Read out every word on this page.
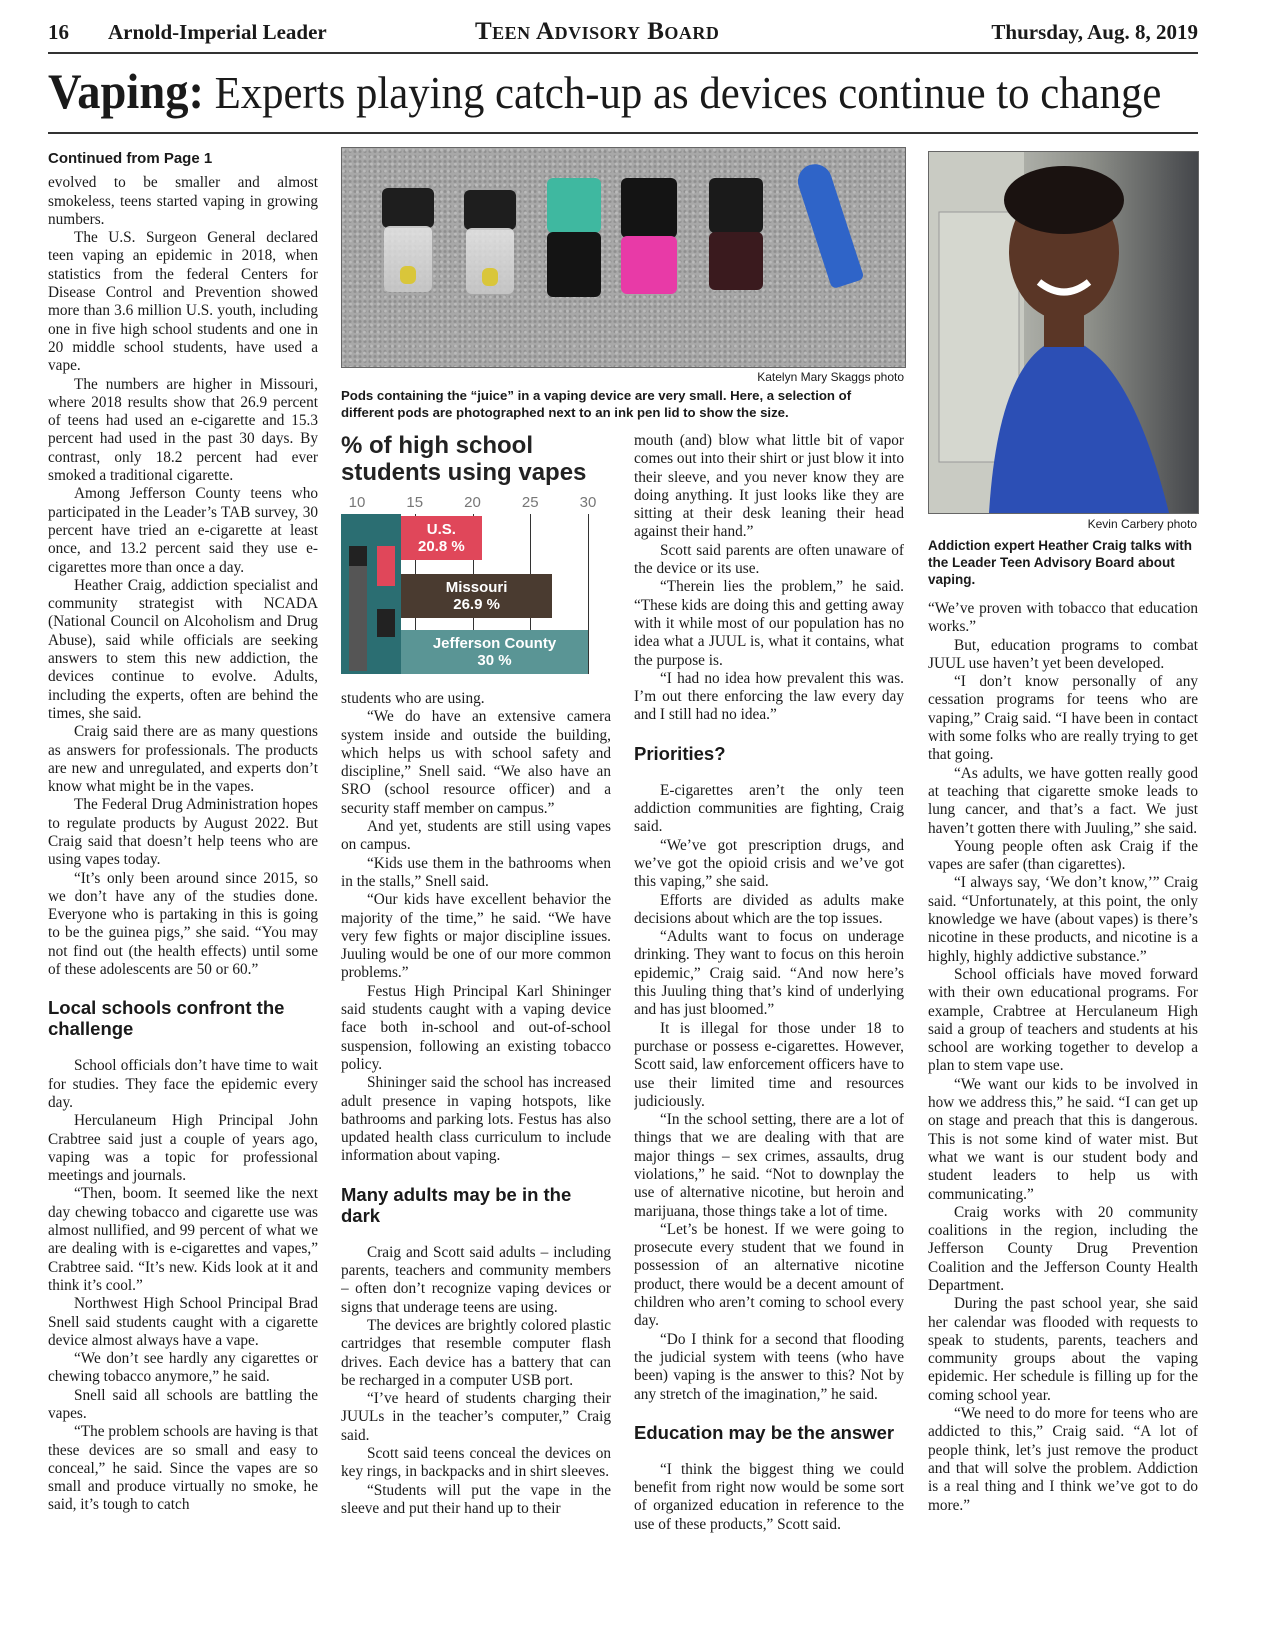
16 Arnold-Imperial Leader	Teen Advisory Board	Thursday, Aug. 8, 2019
Vaping: Experts playing catch-up as devices continue to change
Continued from Page 1

evolved to be smaller and almost smokeless, teens started vaping in growing numbers.

The U.S. Surgeon General declared teen vaping an epidemic in 2018, when statistics from the federal Centers for Disease Control and Prevention showed more than 3.6 million U.S. youth, including one in five high school students and one in 20 middle school students, have used a vape.

The numbers are higher in Missouri, where 2018 results show that 26.9 percent of teens had used an e-cigarette and 15.3 percent had used in the past 30 days. By contrast, only 18.2 percent had ever smoked a traditional cigarette.

Among Jefferson County teens who participated in the Leader’s TAB survey, 30 percent have tried an e-cigarette at least once, and 13.2 percent said they use e-cigarettes more than once a day.

Heather Craig, addiction specialist and community strategist with NCADA (National Council on Alcoholism and Drug Abuse), said while officials are seeking answers to stem this new addiction, the devices continue to evolve. Adults, including the experts, often are behind the times, she said.

Craig said there are as many questions as answers for professionals. The products are new and unregulated, and experts don’t know what might be in the vapes.

The Federal Drug Administration hopes to regulate products by August 2022. But Craig said that doesn’t help teens who are using vapes today.

“It’s only been around since 2015, so we don’t have any of the studies done. Everyone who is partaking in this is going to be the guinea pigs,” she said. “You may not find out (the health effects) until some of these adolescents are 50 or 60.”

Local schools confront the challenge

School officials don’t have time to wait for studies. They face the epidemic every day.

Herculaneum High Principal John Crabtree said just a couple of years ago, vaping was a topic for professional meetings and journals.

“Then, boom. It seemed like the next day chewing tobacco and cigarette use was almost nullified, and 99 percent of what we are dealing with is e-cigarettes and vapes,” Crabtree said. “It’s new. Kids look at it and think it’s cool.”

Northwest High School Principal Brad Snell said students caught with a cigarette device almost always have a vape.

“We don’t see hardly any cigarettes or chewing tobacco anymore,” he said.

Snell said all schools are battling the vapes.

“The problem schools are having is that these devices are so small and easy to conceal,” he said. Since the vapes are so small and produce virtually no smoke, he said, it’s tough to catch

Katelyn Mary Skaggs photo
Pods containing the “juice” in a vaping device are very small. Here, a selection of different pods are photographed next to an ink pen lid to show the size.
% of high school students using vapes
10	15	20	25	30
U.S.
20.8 %
Missouri
26.9 %
Jefferson County
30 %

students who are using.

“We do have an extensive camera system inside and outside the building, which helps us with school safety and discipline,” Snell said. “We also have an SRO (school resource officer) and a security staff member on campus.”

And yet, students are still using vapes on campus.

“Kids use them in the bathrooms when in the stalls,” Snell said.

“Our kids have excellent behavior the majority of the time,” he said. “We have very few fights or major discipline issues. Juuling would be one of our more common problems.”

Festus High Principal Karl Shininger said students caught with a vaping device face both in-school and out-of-school suspension, following an existing tobacco policy.

Shininger said the school has increased adult presence in vaping hotspots, like bathrooms and parking lots. Festus has also updated health class curriculum to include information about vaping.

Many adults may be in the dark

Craig and Scott said adults – including parents, teachers and community members – often don’t recognize vaping devices or signs that underage teens are using.

The devices are brightly colored plastic cartridges that resemble computer flash drives. Each device has a battery that can be recharged in a computer USB port.

“I’ve heard of students charging their JUULs in the teacher’s computer,” Craig said.

Scott said teens conceal the devices on key rings, in backpacks and in shirt sleeves.

“Students will put the vape in the sleeve and put their hand up to their

mouth (and) blow what little bit of vapor comes out into their shirt or just blow it into their sleeve, and you never know they are doing anything. It just looks like they are sitting at their desk leaning their head against their hand.”

Scott said parents are often unaware of the device or its use.

“Therein lies the problem,” he said. “These kids are doing this and getting away with it while most of our population has no idea what a JUUL is, what it contains, what the purpose is.

“I had no idea how prevalent this was. I’m out there enforcing the law every day and I still had no idea.”

Priorities?

E-cigarettes aren’t the only teen addiction communities are fighting, Craig said.

“We’ve got prescription drugs, and we’ve got the opioid crisis and we’ve got this vaping,” she said.

Efforts are divided as adults make decisions about which are the top issues.

“Adults want to focus on underage drinking. They want to focus on this heroin epidemic,” Craig said. “And now here’s this Juuling thing that’s kind of underlying and has just bloomed.”

It is illegal for those under 18 to purchase or possess e-cigarettes. However, Scott said, law enforcement officers have to use their limited time and resources judiciously.

“In the school setting, there are a lot of things that we are dealing with that are major things – sex crimes, assaults, drug violations,” he said. “Not to downplay the use of alternative nicotine, but heroin and marijuana, those things take a lot of time.

“Let’s be honest. If we were going to prosecute every student that we found in possession of an alternative nicotine product, there would be a decent amount of children who aren’t coming to school every day.

“Do I think for a second that flooding the judicial system with teens (who have been) vaping is the answer to this? Not by any stretch of the imagination,” he said.

Education may be the answer

“I think the biggest thing we could benefit from right now would be some sort of organized education in reference to the use of these products,” Scott said.

Kevin Carbery photo
Addiction expert Heather Craig talks with the Leader Teen Advisory Board about vaping.

“We’ve proven with tobacco that education works.”

But, education programs to combat JUUL use haven’t yet been developed.

“I don’t know personally of any cessation programs for teens who are vaping,” Craig said. “I have been in contact with some folks who are really trying to get that going.

“As adults, we have gotten really good at teaching that cigarette smoke leads to lung cancer, and that’s a fact. We just haven’t gotten there with Juuling,” she said.

Young people often ask Craig if the vapes are safer (than cigarettes).

“I always say, ‘We don’t know,’” Craig said. “Unfortunately, at this point, the only knowledge we have (about vapes) is there’s nicotine in these products, and nicotine is a highly, highly addictive substance.”

School officials have moved forward with their own educational programs. For example, Crabtree at Herculaneum High said a group of teachers and students at his school are working together to develop a plan to stem vape use.

“We want our kids to be involved in how we address this,” he said. “I can get up on stage and preach that this is dangerous. This is not some kind of water mist. But what we want is our student body and student leaders to help us with communicating.”

Craig works with 20 community coalitions in the region, including the Jefferson County Drug Prevention Coalition and the Jefferson County Health Department.

During the past school year, she said her calendar was flooded with requests to speak to students, parents, teachers and community groups about the vaping epidemic. Her schedule is filling up for the coming school year.

“We need to do more for teens who are addicted to this,” Craig said. “A lot of people think, let’s just remove the product and that will solve the problem. Addiction is a real thing and I think we’ve got to do more.”
